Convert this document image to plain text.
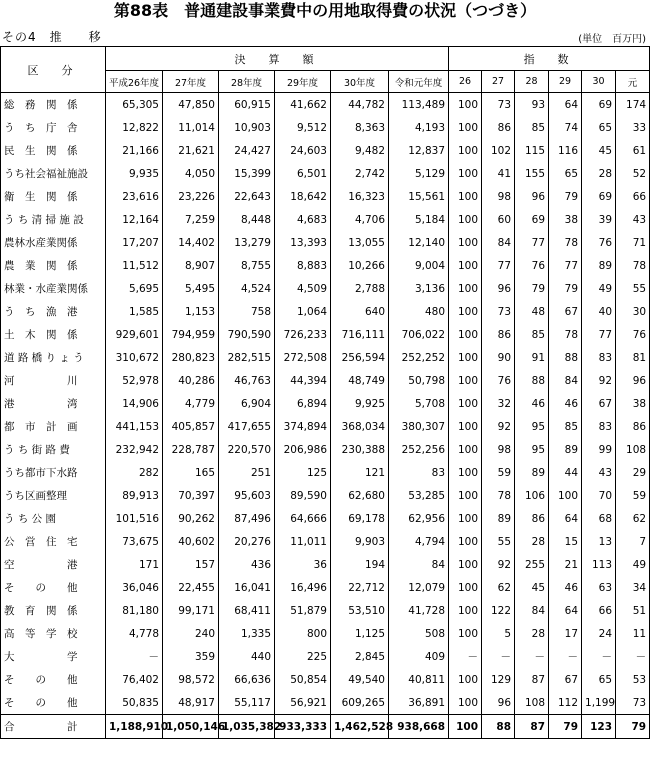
第88表　普通建設事業費中の用地取得費の状況（つづき）
その4　推　　移	(単位　百万円)
区　分	決　算　額						指　数					
	平成26年度	27年度	28年度	29年度	30年度	令和元年度	26	27	28	29	30	元
総　務　関　係	65,305	47,850	60,915	41,662	44,782	113,489	100	73	93	64	69	174
う　ち　庁　舎	12,822	11,014	10,903	9,512	8,363	4,193	100	86	85	74	65	33
民　生　関　係	21,166	21,621	24,427	24,603	9,482	12,837	100	102	115	116	45	61
うち社会福祉施設	9,935	4,050	15,399	6,501	2,742	5,129	100	41	155	65	28	52
衛　生　関　係	23,616	23,226	22,643	18,642	16,323	15,561	100	98	96	79	69	66
う ち 清 掃 施 設	12,164	7,259	8,448	4,683	4,706	5,184	100	60	69	38	39	43
農林水産業関係	17,207	14,402	13,279	13,393	13,055	12,140	100	84	77	78	76	71
農　業　関　係	11,512	8,907	8,755	8,883	10,266	9,004	100	77	76	77	89	78
林業・水産業関係	5,695	5,495	4,524	4,509	2,788	3,136	100	96	79	79	49	55
う　ち　漁　港	1,585	1,153	758	1,064	640	480	100	73	48	67	40	30
土　木　関　係	929,601	794,959	790,590	726,233	716,111	706,022	100	86	85	78	77	76
道 路 橋 り ょ う	310,672	280,823	282,515	272,508	256,594	252,252	100	90	91	88	83	81
河　　　　　川	52,978	40,286	46,763	44,394	48,749	50,798	100	76	88	84	92	96
港　　　　　湾	14,906	4,779	6,904	6,894	9,925	5,708	100	32	46	46	67	38
都　市　計　画	441,153	405,857	417,655	374,894	368,034	380,307	100	92	95	85	83	86
う ち 街 路 費	232,942	228,787	220,570	206,986	230,388	252,256	100	98	95	89	99	108
うち都市下水路	282	165	251	125	121	83	100	59	89	44	43	29
うち区画整理	89,913	70,397	95,603	89,590	62,680	53,285	100	78	106	100	70	59
う ち 公 園	101,516	90,262	87,496	64,666	69,178	62,956	100	89	86	64	68	62
公　営　住　宅	73,675	40,602	20,276	11,011	9,903	4,794	100	55	28	15	13	7
空　　　　　港	171	157	436	36	194	84	100	92	255	21	113	49
そ　　の　　他	36,046	22,455	16,041	16,496	22,712	12,079	100	62	45	46	63	34
教　育　関　係	81,180	99,171	68,411	51,879	53,510	41,728	100	122	84	64	66	51
高　等　学　校	4,778	240	1,335	800	1,125	508	100	5	28	17	24	11
大　　　　　学	－	359	440	225	2,845	409	－	－	－	－	－	－
そ　　の　　他	76,402	98,572	66,636	50,854	49,540	40,811	100	129	87	67	65	53
そ　　の　　他	50,835	48,917	55,117	56,921	609,265	36,891	100	96	108	112	1,199	73
合　　　　　計	1,188,910	1,050,146	1,035,382	933,333	1,462,528	938,668	100	88	87	79	123	79
